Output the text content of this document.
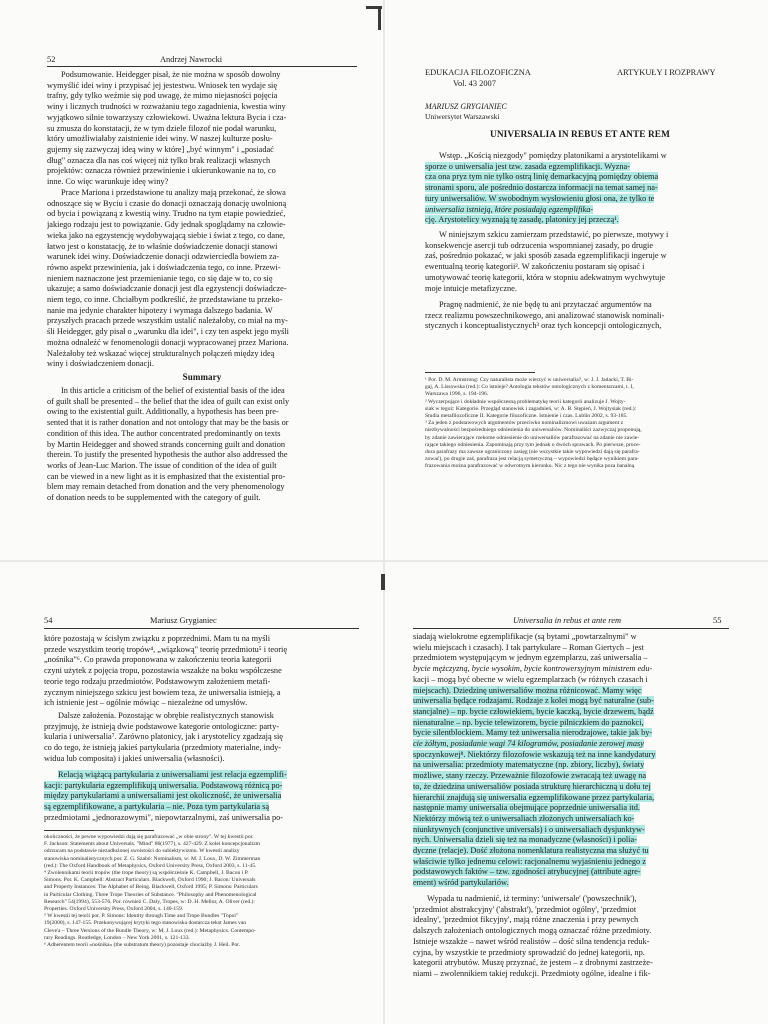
52	Andrzej Nawrocki
Podsumowanie. Heidegger pisał, że nie można w sposób dowolny
wymyślić idei winy i przypisać jej jestestwu. Wniosek ten wydaje się
trafny, gdy tylko weźmie się pod uwagę, że mimo niejasności pojęcia
winy i licznych trudności w rozważaniu tego zagadnienia, kwestia winy
wyjątkowo silnie towarzyszy człowiekowi. Uważna lektura Bycia i cza-
su zmusza do konstatacji, że w tym dziele filozof nie podał warunku,
który umożliwiałaby zaistnienie idei winy. W naszej kulturze posłu-
gujemy się zazwyczaj ideą winy w które] „być winnym" i „posiadać
dług" oznacza dla nas coś więcej niż tylko brak realizacji własnych
projektów: oznacza również przewinienie i ukierunkowanie na to, co
inne. Co więc warunkuje ideę winy?
Prace Mariona i przedstawione tu analizy mają przekonać, że słowa
odnoszące się w Byciu i czasie do donacji oznaczają donację uwolnioną
od bycia i powiązaną z kwestią winy. Trudno na tym etapie powiedzieć,
jakiego rodzaju jest to powiązanie. Gdy jednak spoglądamy na człowie-
wieka jako na egzystencję wydobywającą siebie i świat z tego, co dane,
łatwo jest o konstatację, że to właśnie doświadczenie donacji stanowi
warunek idei winy. Doświadczenie donacji odzwierciedla bowiem za-
równo aspekt przewinienia, jak i doświadczenia tego, co inne. Przewi-
nieniem naznaczone jest przemienianie tego, co się daje w to, co się
ukazuje; a samo doświadczanie donacji jest dla egzystencji doświadcze-
niem tego, co inne. Chciałbym podkreślić, że przedstawiane tu przeko-
nanie ma jedynie charakter hipotezy i wymaga dalszego badania. W
przyszłych pracach przede wszystkim ustalić należałoby, co miał na my-
śli Heidegger, gdy pisał o „warunku dla idei", i czy ten aspekt jego myśli
można odnaleźć w fenomenologii donacji wypracowanej przez Mariona.
Należałoby też wskazać więcej strukturalnych połączeń między ideą
winy i doświadczeniem donacji.
Summary
In this article a criticism of the belief of existential basis of the idea
of guilt shall be presented – the belief that the idea of guilt can exist only
owing to the existential guilt. Additionally, a hypothesis has been pre-
sented that it is rather donation and not ontology that may be the basis or
condition of this idea. The author concentrated predominantly on texts
by Martin Heidegger and showed strands concerning guilt and donation
therein. To justify the presented hypothesis the author also addressed the
works of Jean-Luc Marion. The issue of condition of the idea of guilt
can be viewed in a new light as it is emphasized that the existential pro-
blem may remain detached from donation and the very phenomenology
of donation needs to be supplemented with the category of guilt.
EDUKACJA FILOZOFICZNA
Vol. 43 2007
ARTYKUŁY I ROZPRAWY
MARIUSZ GRYGIANIEC
Uniwersytet Warszawski
UNIVERSALIA IN REBUS ET ANTE REM
Wstęp. „Kością niezgody" pomiędzy platonikami a arystotelikami w
sporze o uniwersalia jest tzw. zasada egzemplifikacji. Wyzna-
cza ona pryz tym nie tylko ostrą linię demarkacyjną pomiędzy obiema
stronami sporu, ale pośrednio dostarcza informacji na temat samej na-
tury uniwersaliów. W swobodnym wysłowieniu głosi ona, że tylko te
uniwersalia istnieją, które posiadają egzemplifika-
cję. Arystotelicy wyznają tę zasadę, platonicy jej przeczą¹.
W niniejszym szkicu zamierzam przedstawić, po pierwsze, motywy i
konsekwencje asercji tub odrzucenia wspomnianej zasady, po drugie
zaś, pośrednio pokazać, w jaki sposób zasada egzemplifikacji ingeruje w
ewentualną teorię kategorii². W zakończeniu postaram się opisać i
umotywować teorię kategorii, która w stopniu adekwatnym wychwytuje
moje intuicje metafizyczne.
Pragnę nadmienić, że nie będę tu ani przytaczać argumentów na
rzecz realizmu powszechnikowego, ani analizować stanowisk nominali-
stycznych i konceptualistycznych³ oraz tych koncepcji ontologicznych,
¹ Por. D. M. Armstrong: Czy naturalista może wierzyć w uniwersalia?, w: J. J. Jadacki, T. Bi-
gaj, A. Lissowska (red.): Co istnieje? Antologia tekstów ontologicznych z komentarzami, t. I,
Warszawa 1996, s. 194-196.
² Wyczerpujące i dokładnie współczesną problematykę teorii kategorii analizuje J. Wojty-
siak w tegoż: Kategorie. Przegląd stanowisk i zagadnień, w: A. B. Stępień, J. Wojtysiak (red.):
Studia metafilozoficzne II. Kategorie filozoficzne. Istnienie i czas. Lublin 2002, s. 93-185.
³ Za jeden z podstawowych argumentów przeciwko nominalizmowi uważam argument z
niezbywalności bezpośredniego odniesienia do uniwersaliów. Nominaliści zazwyczaj proponują,
by zdanie zawierające rzekome odniesienie do uniwersaliów parafrazować na zdanie nie zawie-
rające takiego odniesienia. Zapominają przy tym jednak o dwóch sprawach. Po pierwsze, proce-
dura parafrazy ma zawsze ograniczony zasięg (nie wszystkie takie wypowiedzi dają się parafra-
zować), po drugie zaś, parafraza jest relacją symetryczną – wypowiedzi będące wynikiem para-
frazowania można parafrazować w odwrotnym kierunku. Nic z tego nie wynika poza banalną
54	Mariusz Grygianiec
które pozostają w ścisłym związku z poprzednimi. Mam tu na myśli
przede wszystkim teorię tropów⁴, „wiązkową" teorię przedmiotu⁵ i teorię
„nośnika"⁶. Co prawda proponowana w zakończeniu teoria kategorii
czyni użytek z pojęcia tropu, pozostawia wszakże na boku współczesne
teorie tego rodzaju przedmiotów. Podstawowym założeniem metafi-
zycznym niniejszego szkicu jest bowiem teza, że uniwersalia istnieją, a
ich istnienie jest – ogólnie mówiąc – niezależne od umysłów.
Dalsze założenia. Pozostając w obrębie realistycznych stanowisk
przyjmuję, że istnieją dwie podstawowe kategorie ontologiczne: party-
kularia i uniwersalia⁷. Zarówno platonicy, jak i arystotelicy zgadzają się
co do tego, że istnieją jakieś partykularia (przedmioty materialne, indy-
widua lub composita) i jakieś uniwersalia (własności).
Relacją wiążącą partykularia z uniwersaliami jest relacja egzemplifi-
kacji: partykularia egzemplifikują uniwersalia. Podstawową różnicą po-
między partykulariami a uniwersaliami jest okoliczność, że uniwersalia
są egzemplifikowane, a partykularia – nie. Poza tym partykularia są
przedmiotami „jednorazowymi", niepowtarzalnymi, zaś uniwersalia po-
okoliczności, że pewne wypowiedzi dają się parafrazować „w obie strony". W tej kwestii por.
F. Jackson: Statements about Universals. "Mind" 86(1977), s. 427-429. Z kolei koncepcjonalizm
odrzucam na podstawie niezadłużonej swoistości do subiektywizmu. W kwestii analizy
stanowiska nominalistycznych por. Z. G. Szabó: Nominalism, w: M. J. Loux, D. W. Zimmerman
(red.): The Oxford Handbook of Metaphysics, Oxford University Press, Oxford 2003, s. 11-45.
⁴ Zwolennikami teorii tropów (the trope theory) są współcześnie K. Campbell, J. Bacon i P.
Simons. Por. K. Campbell: Abstract Particulars. Blackwell, Oxford 1990; J. Bacon: Universals
and Property Instances: The Alphabet of Being. Blackwell, Oxford 1995; P. Simons: Particulars
in Particular Clothing. Three Trope Theories of Substance. "Philosophy and Phenomenological
Research" 54(1994), 553-576. Por. również C. Daly, Tropes, w: D. H. Mellor, A. Oliver (red.):
Properties. Oxford University Press, Oxford 2004, s. 140-159.
⁵ W kwestii tej teorii por. P. Simons: Identity through Time and Trope Bundles "Topoi"
19(2000), s. 147-155. Przekonywującej krytyki tego stanowiska dostarcza tekst James van
Cleve'a – Three Versions of the Bundle Theory, w: M. J. Loux (red.): Metaphysics. Contempo-
rary Readings. Routledge, London – New York 2001, s. 121-133.
⁶ Adherentem teorii «nośnika» (the substratum theory) pozostaje chociażby J. Heil. Por.
Universalia in rebus et ante rem	55
siadają wielokrotne egzemplifikacje (są bytami „powtarzalnymi" w
wielu miejscach i czasach). I tak partykulare – Roman Giertych – jest
przedmiotem występującym w jednym egzemplarzu, zaś uniwersalia –
bycie mężczyzną, bycie wysokim, bycie kontrowersyjnym ministrem edu-
kacji – mogą być obecne w wielu egzemplarzach (w różnych czasach i
miejscach). Dziedzinę uniwersaliów można różnicować. Mamy więc
uniwersalia będące rodzajami. Rodzaje z kolei mogą być naturalne (sub-
stancjalne) – np. bycie człowiekiem, bycie kaczką, bycie drzewem, bądź
nienaturalne – np. bycie telewizorem, bycie pilniczkiem do paznokci,
bycie silentblockiem. Mamy też uniwersalia nierodzajowe, takie jak by-
cie żółtym, posiadanie wagi 74 kilogramów, posiadanie zerowej masy
spoczynkowej⁸. Niektórzy filozofowie wskazują też na inne kandydatury
na uniwersalia: przedmioty matematyczne (np. zbiory, liczby), światy
możliwe, stany rzeczy. Przeważnie filozofowie zwracają też uwagę na
to, że dziedzina uniwersaliów posiada strukturę hierarchiczną u dołu tej
hierarchii znajdują się uniwersalia egzemplifikowane przez partykularia,
następnie mamy uniwersalia obejmujące poprzednie uniwersalia itd.
Niektórzy mówią też o uniwersaliach złożonych uniwersaliach ko-
niunktywnych (conjunctive universals) i o uniwersaliach dysjunktyw-
nych. Uniwersalia dzieli się też na monadyczne (własności) i polia-
dyczne (relacje). Dość złożona nomenklatura realistyczna ma służyć tu
właściwie tylko jednemu celowi: racjonalnemu wyjaśnieniu jednego z
podstawowych faktów – tzw. zgodności atrybucyjnej (attribute agre-
ement) wśród partykulariów.
Wypada tu nadmienić, iż terminy: 'uniwersale' ('powszechnik'),
'przedmiot abstrakcyjny' ('abstrakt'), 'przedmiot ogólny', 'przedmiot
idealny', 'przedmiot fikcyjny', mają różne znaczenia i przy pewnych
dalszych założeniach ontologicznych mogą oznaczać różne przedmioty.
Istnieje wszakże – nawet wśród realistów – dość silna tendencja reduk-
cyjna, by wszystkie te przedmioty sprowadzić do jednej kategorii, np.
kategorii atrybutów. Muszę przyznać, że jestem – z drobnymi zastrzeże-
niami – zwolennikiem takiej redukcji. Przedmioty ogólne, idealne i fik-
